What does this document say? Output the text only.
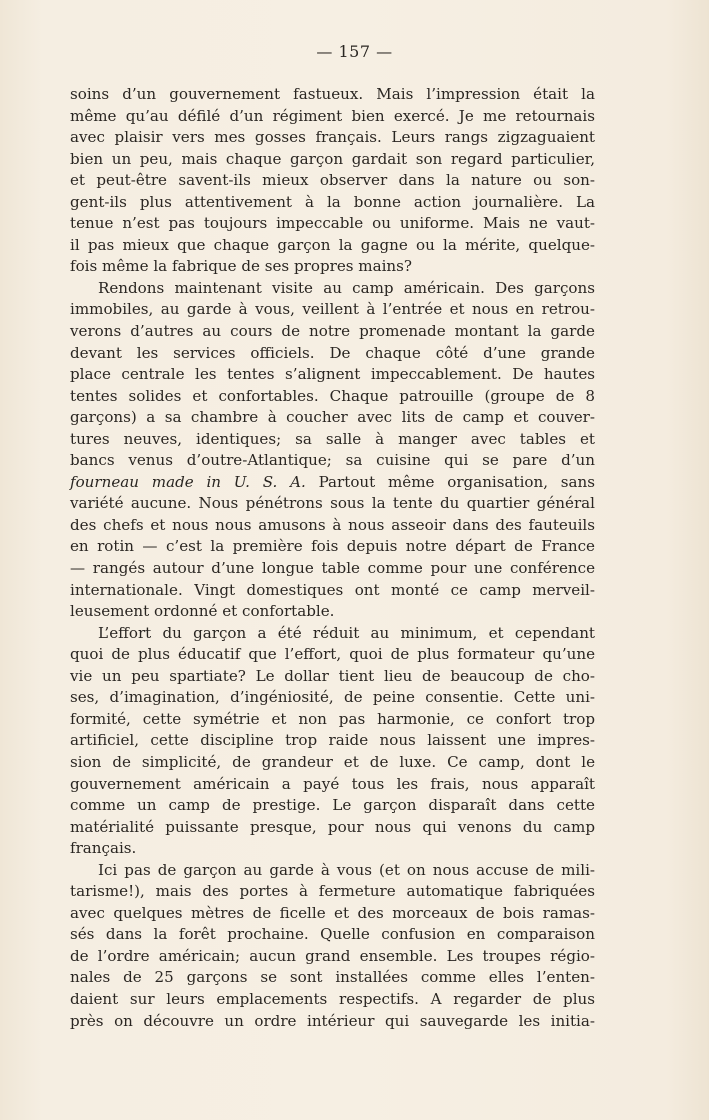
— 157 —
soins d’un gouvernement fastueux. Mais l’impression était la
même qu’au défilé d’un régiment bien exercé. Je me retournais
avec plaisir vers mes gosses français. Leurs rangs zigzaguaient
bien un peu, mais chaque garçon gardait son regard particulier,
et peut-être savent-ils mieux observer dans la nature ou son-
gent-ils plus attentivement à la bonne action journalière. La
tenue n’est pas toujours impeccable ou uniforme. Mais ne vaut-
il pas mieux que chaque garçon la gagne ou la mérite, quelque-
fois même la fabrique de ses propres mains?
Rendons maintenant visite au camp américain. Des garçons
immobiles, au garde à vous, veillent à l’entrée et nous en retrou-
verons d’autres au cours de notre promenade montant la garde
devant les services officiels. De chaque côté d’une grande
place centrale les tentes s’alignent impeccablement. De hautes
tentes solides et confortables. Chaque patrouille (groupe de 8
garçons) a sa chambre à coucher avec lits de camp et couver-
tures neuves, identiques; sa salle à manger avec tables et
bancs venus d’outre-Atlantique; sa cuisine qui se pare d’un
fourneau made in U. S. A. Partout même organisation, sans
variété aucune. Nous pénétrons sous la tente du quartier général
des chefs et nous nous amusons à nous asseoir dans des fauteuils
en rotin — c’est la première fois depuis notre départ de France
— rangés autour d’une longue table comme pour une conférence
internationale. Vingt domestiques ont monté ce camp merveil-
leusement ordonné et confortable.
L’effort du garçon a été réduit au minimum, et cependant
quoi de plus éducatif que l’effort, quoi de plus formateur qu’une
vie un peu spartiate? Le dollar tient lieu de beaucoup de cho-
ses, d’imagination, d’ingéniosité, de peine consentie. Cette uni-
formité, cette symétrie et non pas harmonie, ce confort trop
artificiel, cette discipline trop raide nous laissent une impres-
sion de simplicité, de grandeur et de luxe. Ce camp, dont le
gouvernement américain a payé tous les frais, nous apparaît
comme un camp de prestige. Le garçon disparaît dans cette
matérialité puissante presque, pour nous qui venons du camp
français.
Ici pas de garçon au garde à vous (et on nous accuse de mili-
tarisme!), mais des portes à fermeture automatique fabriquées
avec quelques mètres de ficelle et des morceaux de bois ramas-
sés dans la forêt prochaine. Quelle confusion en comparaison
de l’ordre américain; aucun grand ensemble. Les troupes régio-
nales de 25 garçons se sont installées comme elles l’enten-
daient sur leurs emplacements respectifs. A regarder de plus
près on découvre un ordre intérieur qui sauvegarde les initia-
